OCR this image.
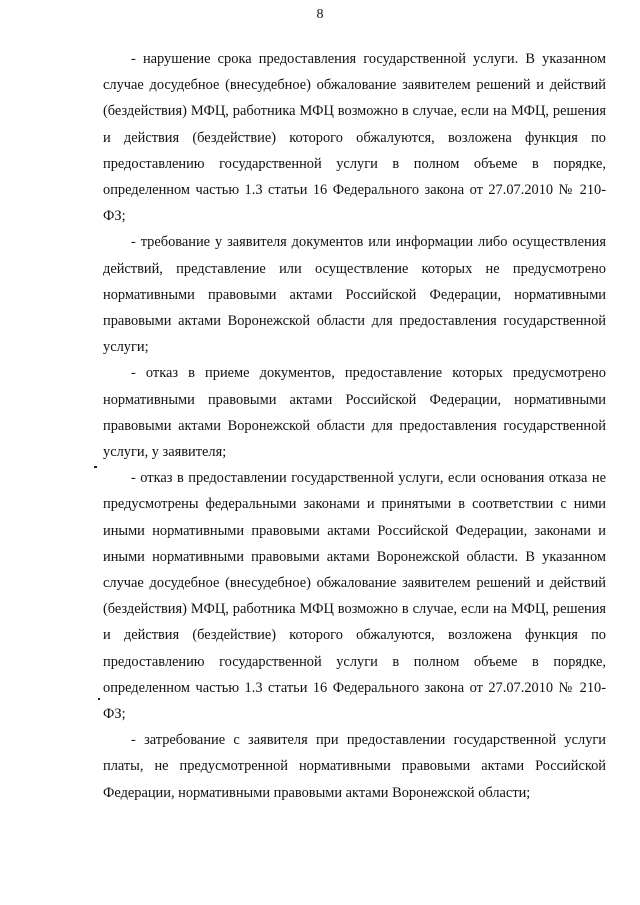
8

- нарушение срока предоставления государственной услуги. В указанном случае досудебное (внесудебное) обжалование заявителем решений и действий (бездействия) МФЦ, работника МФЦ возможно в случае, если на МФЦ, решения и действия (бездействие) которого обжалуются, возложена функция по предоставлению государственной услуги в полном объеме в порядке, определенном частью 1.3 статьи 16 Федерального закона от 27.07.2010 № 210-ФЗ;

- требование у заявителя документов или информации либо осуществления действий, представление или осуществление которых не предусмотрено нормативными правовыми актами Российской Федерации, нормативными правовыми актами Воронежской области для предоставления государственной услуги;

- отказ в приеме документов, предоставление которых предусмотрено нормативными правовыми актами Российской Федерации, нормативными правовыми актами Воронежской области для предоставления государственной услуги, у заявителя;

- отказ в предоставлении государственной услуги, если основания отказа не предусмотрены федеральными законами и принятыми в соответствии с ними иными нормативными правовыми актами Российской Федерации, законами и иными нормативными правовыми актами Воронежской области. В указанном случае досудебное (внесудебное) обжалование заявителем решений и действий (бездействия) МФЦ, работника МФЦ возможно в случае, если на МФЦ, решения и действия (бездействие) которого обжалуются, возложена функция по предоставлению государственной услуги в полном объеме в порядке, определенном частью 1.3 статьи 16 Федерального закона от 27.07.2010 № 210-ФЗ;

- затребование с заявителя при предоставлении государственной услуги платы, не предусмотренной нормативными правовыми актами Российской Федерации, нормативными правовыми актами Воронежской области;
